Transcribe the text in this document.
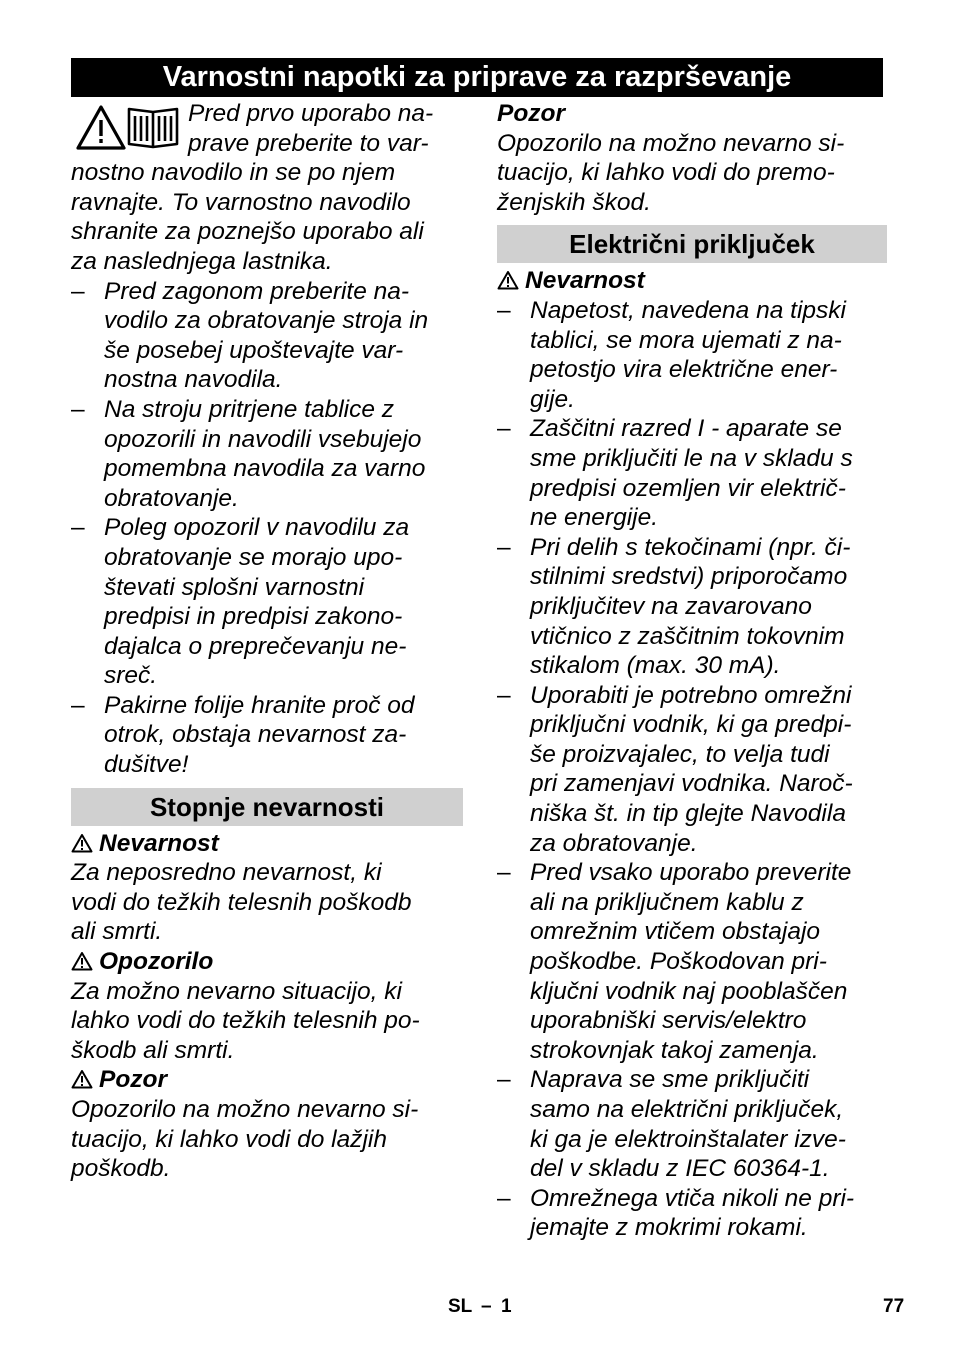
Varnostni napotki za priprave za razprševanje
Pred prvo uporabo na-
prave preberite to var-
nostno navodilo in se po njem
ravnajte. To varnostno navodilo
shranite za poznejšo uporabo ali
za naslednjega lastnika.
– Pred zagonom preberite na-
vodilo za obratovanje stroja in
še posebej upoštevajte var-
nostna navodila.
– Na stroju pritrjene tablice z
opozorili in navodili vsebujejo
pomembna navodila za varno
obratovanje.
– Poleg opozoril v navodilu za
obratovanje se morajo upo-
števati splošni varnostni
predpisi in predpisi zakono-
dajalca o preprečevanju ne-
sreč.
– Pakirne folije hranite proč od
otrok, obstaja nevarnost za-
dušitve!
Stopnje nevarnosti
Nevarnost
Za neposredno nevarnost, ki
vodi do težkih telesnih poškodb
ali smrti.
Opozorilo
Za možno nevarno situacijo, ki
lahko vodi do težkih telesnih po-
škodb ali smrti.
Pozor
Opozorilo na možno nevarno si-
tuacijo, ki lahko vodi do lažjih
poškodb.
Pozor
Opozorilo na možno nevarno si-
tuacijo, ki lahko vodi do premo-
ženjskih škod.
Električni priključek
Nevarnost
– Napetost, navedena na tipski
tablici, se mora ujemati z na-
petostjo vira električne ener-
gije.
– Zaščitni razred I - aparate se
sme priključiti le na v skladu s
predpisi ozemljen vir električ-
ne energije.
– Pri delih s tekočinami (npr. či-
stilnimi sredstvi) priporočamo
priključitev na zavarovano
vtičnico z zaščitnim tokovnim
stikalom (max. 30 mA).
– Uporabiti je potrebno omrežni
priključni vodnik, ki ga predpi-
še proizvajalec, to velja tudi
pri zamenjavi vodnika. Naroč-
niška št. in tip glejte Navodila
za obratovanje.
– Pred vsako uporabo preverite
ali na priključnem kablu z
omrežnim vtičem obstajajo
poškodbe. Poškodovan pri-
ključni vodnik naj pooblaščen
uporabniški servis/elektro
strokovnjak takoj zamenja.
– Naprava se sme priključiti
samo na električni priključek,
ki ga je elektroinštalater izve-
del v skladu z IEC 60364-1.
– Omrežnega vtiča nikoli ne pri-
jemajte z mokrimi rokami.
SL – 1	77
